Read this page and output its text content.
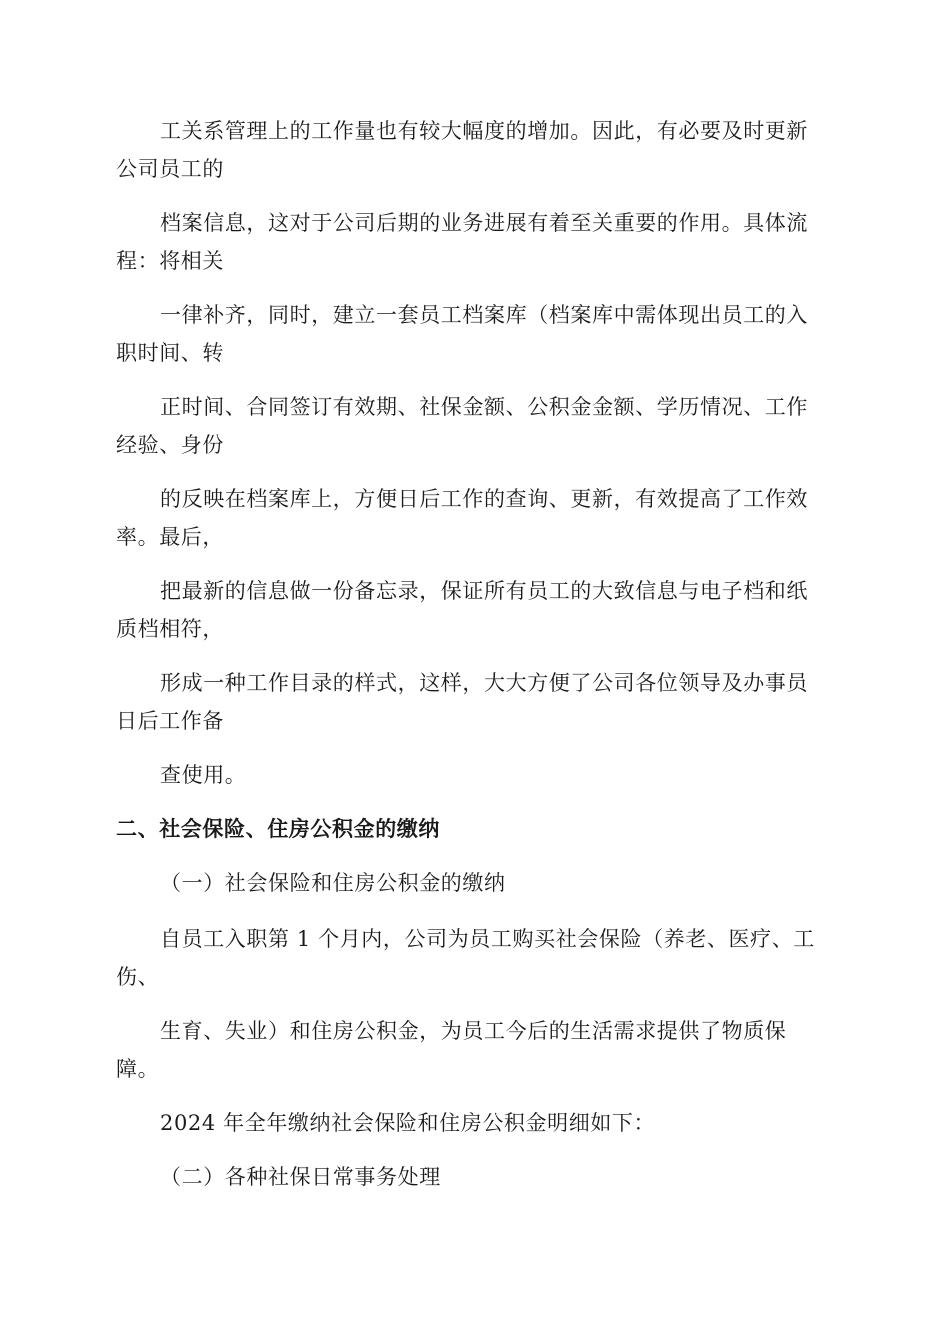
工关系管理上的工作量也有较大幅度的增加。因此，有必要及时更新
公司员工的

档案信息，这对于公司后期的业务进展有着至关重要的作用。具体流
程：将相关

一律补齐，同时，建立一套员工档案库（档案库中需体现出员工的入
职时间、转

正时间、合同签订有效期、社保金额、公积金金额、学历情况、工作
经验、身份

的反映在档案库上，方便日后工作的查询、更新，有效提高了工作效
率。最后，

把最新的信息做一份备忘录，保证所有员工的大致信息与电子档和纸
质档相符，

形成一种工作目录的样式，这样，大大方便了公司各位领导及办事员
日后工作备

查使用。

二、社会保险、住房公积金的缴纳

（一）社会保险和住房公积金的缴纳

自员工入职第 1 个月内，公司为员工购买社会保险（养老、医疗、工
伤、

生育、失业）和住房公积金，为员工今后的生活需求提供了物质保
障。

2024 年全年缴纳社会保险和住房公积金明细如下：

（二）各种社保日常事务处理
